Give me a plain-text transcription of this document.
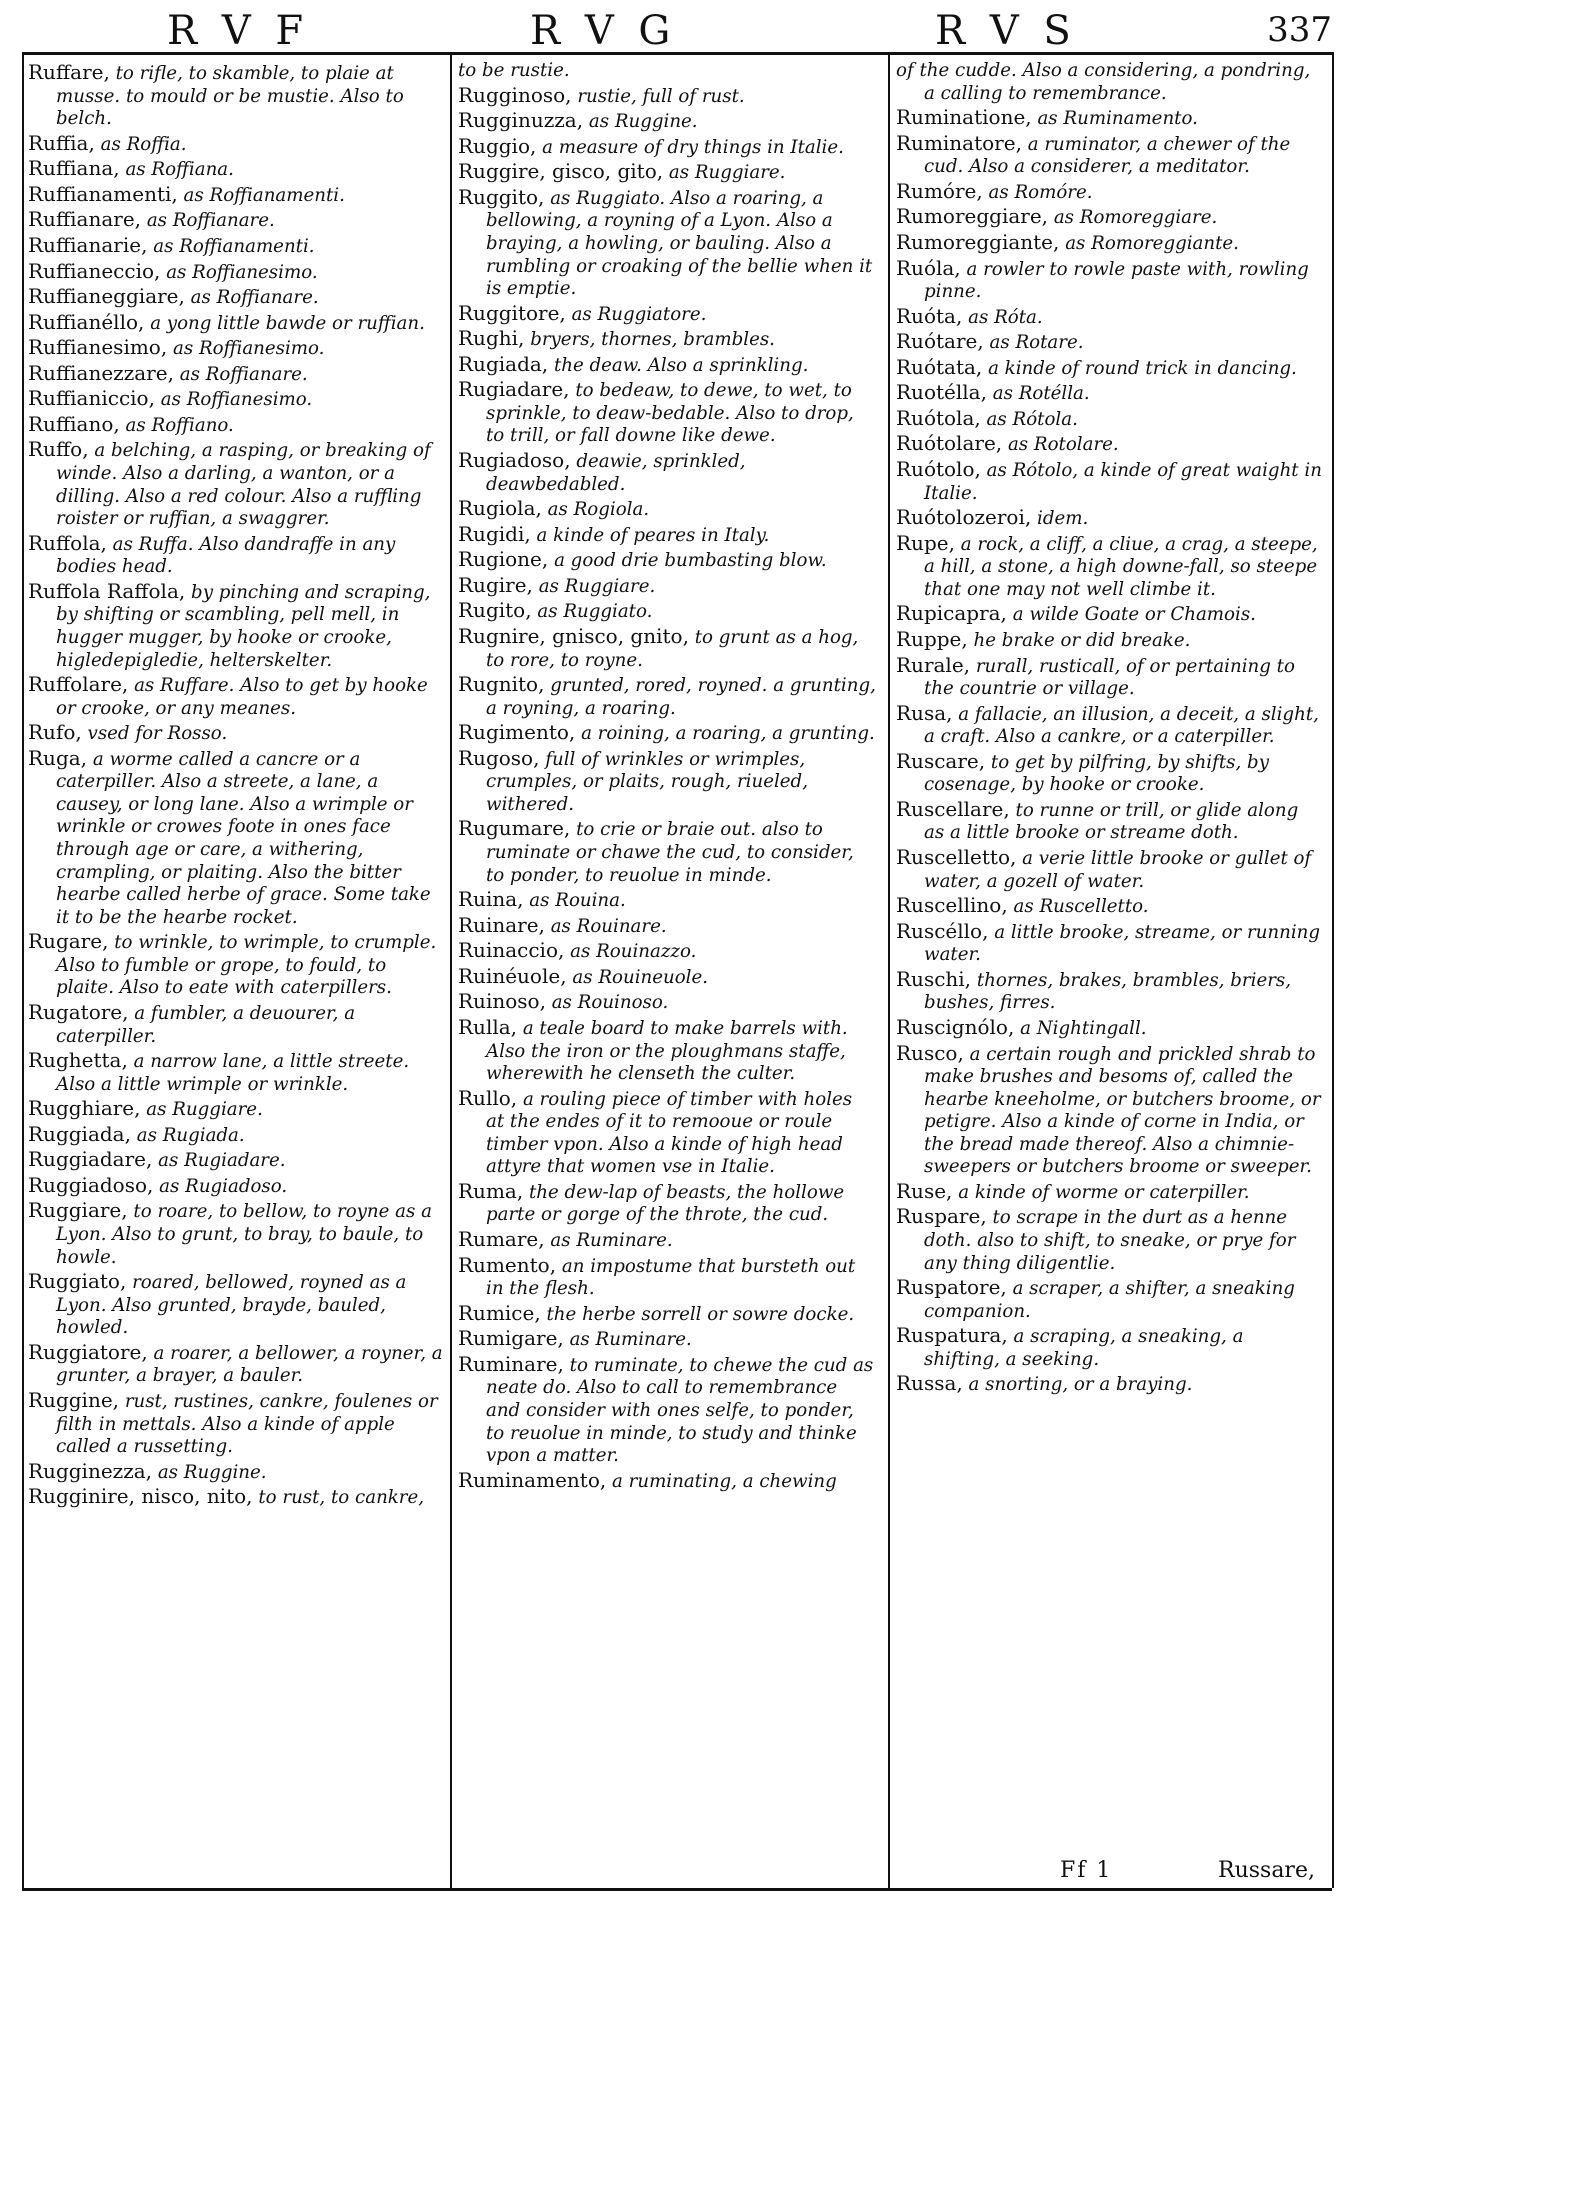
R V F	R V G	R V S	337
Ruffare, to rifle, to skamble, to plaie at musse. to mould or be mustie. Also to belch.
Ruffia, as Roffia.
Ruffiana, as Roffiana.
Ruffianamenti, as Roffianamenti.
Ruffianare, as Roffianare.
Ruffianarie, as Roffianamenti.
Ruffianeccio, as Roffianesimo.
Ruffianeggiare, as Roffianare.
Ruffianéllo, a yong little bawde or ruffian.
Ruffianesimo, as Roffianesimo.
Ruffianezzare, as Roffianare.
Ruffianiccio, as Roffianesimo.
Ruffiano, as Roffiano.
Ruffo, a belching, a rasping, or breaking of winde. Also a darling, a wanton, or a dilling. Also a red colour. Also a ruffling roister or ruffian, a swaggrer.
Ruffola, as Ruffa. Also dandraffe in any bodies head.
Ruffola Raffola, by pinching and scraping, by shifting or scambling, pell mell, in hugger mugger, by hooke or crooke, higledepigledie, helterskelter.
Ruffolare, as Ruffare. Also to get by hooke or crooke, or any meanes.
Rufo, vsed for Rosso.
Ruga, a worme called a cancre or a caterpiller. Also a streete, a lane, a causey, or long lane. Also a wrimple or wrinkle or crowes foote in ones face through age or care, a withering, crampling, or plaiting. Also the bitter hearbe called herbe of grace. Some take it to be the hearbe rocket.
Rugare, to wrinkle, to wrimple, to crumple. Also to fumble or grope, to fould, to plaite. Also to eate with caterpillers.
Rugatore, a fumbler, a deuourer, a caterpiller.
Rughetta, a narrow lane, a little streete. Also a little wrimple or wrinkle.
Rugghiare, as Ruggiare.
Ruggiada, as Rugiada.
Ruggiadare, as Rugiadare.
Ruggiadoso, as Rugiadoso.
Ruggiare, to roare, to bellow, to royne as a Lyon. Also to grunt, to bray, to baule, to howle.
Ruggiato, roared, bellowed, royned as a Lyon. Also grunted, brayde, bauled, howled.
Ruggiatore, a roarer, a bellower, a royner, a grunter, a brayer, a bauler.
Ruggine, rust, rustines, cankre, foulenes or filth in mettals. Also a kinde of apple called a russetting.
Rugginezza, as Ruggine.
Rugginire, nisco, nito, to rust, to cankre,
to be rustie.
Rugginoso, rustie, full of rust.
Rugginuzza, as Ruggine.
Ruggio, a measure of dry things in Italie.
Ruggire, gisco, gito, as Ruggiare.
Ruggito, as Ruggiato. Also a roaring, a bellowing, a royning of a Lyon. Also a braying, a howling, or bauling. Also a rumbling or croaking of the bellie when it is emptie.
Ruggitore, as Ruggiatore.
Rughi, bryers, thornes, brambles.
Rugiada, the deaw. Also a sprinkling.
Rugiadare, to bedeaw, to dewe, to wet, to sprinkle, to deaw-bedable. Also to drop, to trill, or fall downe like dewe.
Rugiadoso, deawie, sprinkled, deawbedabled.
Rugiola, as Rogiola.
Rugidi, a kinde of peares in Italy.
Rugione, a good drie bumbasting blow.
Rugire, as Ruggiare.
Rugito, as Ruggiato.
Rugnire, gnisco, gnito, to grunt as a hog, to rore, to royne.
Rugnito, grunted, rored, royned. a grunting, a royning, a roaring.
Rugimento, a roining, a roaring, a grunting.
Rugoso, full of wrinkles or wrimples, crumples, or plaits, rough, riueled, withered.
Rugumare, to crie or braie out. also to ruminate or chawe the cud, to consider, to ponder, to reuolue in minde.
Ruina, as Rouina.
Ruinare, as Rouinare.
Ruinaccio, as Rouinazzo.
Ruinéuole, as Rouineuole.
Ruinoso, as Rouinoso.
Rulla, a teale board to make barrels with. Also the iron or the ploughmans staffe, wherewith he clenseth the culter.
Rullo, a rouling piece of timber with holes at the endes of it to remooue or roule timber vpon. Also a kinde of high head attyre that women vse in Italie.
Ruma, the dew-lap of beasts, the hollowe parte or gorge of the throte, the cud.
Rumare, as Ruminare.
Rumento, an impostume that bursteth out in the flesh.
Rumice, the herbe sorrell or sowre docke.
Rumigare, as Ruminare.
Ruminare, to ruminate, to chewe the cud as neate do. Also to call to remembrance and consider with ones selfe, to ponder, to reuolue in minde, to study and thinke vpon a matter.
Ruminamento, a ruminating, a chewing
of the cudde. Also a considering, a pondring, a calling to remembrance.
Ruminatione, as Ruminamento.
Ruminatore, a ruminator, a chewer of the cud. Also a considerer, a meditator.
Rumóre, as Romóre.
Rumoreggiare, as Romoreggiare.
Rumoreggiante, as Romoreggiante.
Ruóla, a rowler to rowle paste with, rowling pinne.
Ruóta, as Róta.
Ruótare, as Rotare.
Ruótata, a kinde of round trick in dancing.
Ruotélla, as Rotélla.
Ruótola, as Rótola.
Ruótolare, as Rotolare.
Ruótolo, as Rótolo, a kinde of great waight in Italie.
Ruótolozeroi, idem.
Rupe, a rock, a cliff, a cliue, a crag, a steepe, a hill, a stone, a high downe-fall, so steepe that one may not well climbe it.
Rupicapra, a wilde Goate or Chamois.
Ruppe, he brake or did breake.
Rurale, rurall, rusticall, of or pertaining to the countrie or village.
Rusa, a fallacie, an illusion, a deceit, a slight, a craft. Also a cankre, or a caterpiller.
Ruscare, to get by pilfring, by shifts, by cosenage, by hooke or crooke.
Ruscellare, to runne or trill, or glide along as a little brooke or streame doth.
Ruscelletto, a verie little brooke or gullet of water, a gozell of water.
Ruscellino, as Ruscelletto.
Ruscéllo, a little brooke, streame, or running water.
Ruschi, thornes, brakes, brambles, briers, bushes, firres.
Ruscignólo, a Nightingall.
Rusco, a certain rough and prickled shrab to make brushes and besoms of, called the hearbe kneeholme, or butchers broome, or petigre. Also a kinde of corne in India, or the bread made thereof. Also a chimnie-sweepers or butchers broome or sweeper.
Ruse, a kinde of worme or caterpiller.
Ruspare, to scrape in the durt as a henne doth. also to shift, to sneake, or prye for any thing diligentlie.
Ruspatore, a scraper, a shifter, a sneaking companion.
Ruspatura, a scraping, a sneaking, a shifting, a seeking.
Russa, a snorting, or a braying.
Ff 1	Russare,
